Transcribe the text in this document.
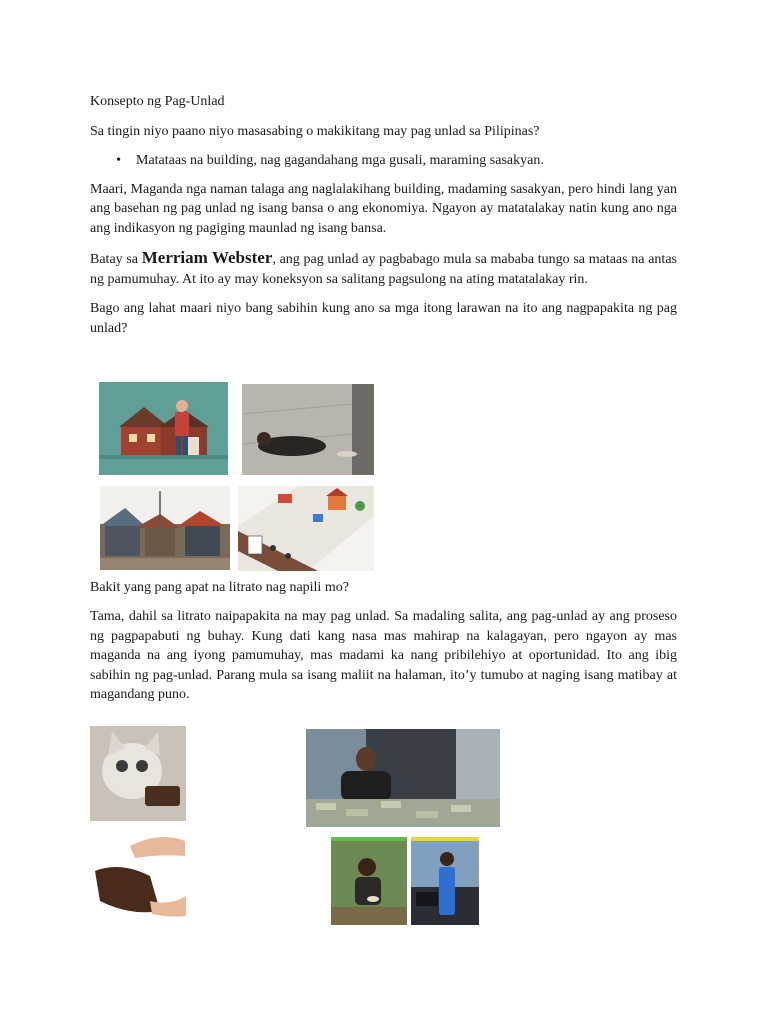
Konsepto ng Pag-Unlad

Sa tingin niyo paano niyo masasabing o makikitang may pag unlad sa Pilipinas?

•	Matataas na building, nag gagandahang mga gusali, maraming sasakyan.

Maari, Maganda nga naman talaga ang naglalakihang building, madaming sasakyan, pero hindi lang yan ang basehan ng pag unlad ng isang bansa o ang ekonomiya. Ngayon ay matatalakay natin kung ano nga ang indikasyon ng pagiging maunlad ng isang bansa.

Batay sa Merriam Webster, ang pag unlad ay pagbabago mula sa mababa tungo sa mataas na antas ng pamumuhay. At ito ay may koneksyon sa salitang pagsulong na ating matatalakay rin.

Bago ang lahat maari niyo bang sabihin kung ano sa mga itong larawan na ito ang nagpapakita ng pag unlad?

Bakit yang pang apat na litrato nag napili mo?

Tama, dahil sa litrato naipapakita na may pag unlad. Sa madaling salita, ang pag-unlad ay ang proseso ng pagpapabuti ng buhay. Kung dati kang nasa mas mahirap na kalagayan, pero ngayon ay mas maganda na ang iyong pamumuhay, mas madami ka nang pribilehiyo at oportunidad. Ito ang ibig sabihin ng pag-unlad. Parang mula sa isang maliit na halaman, ito’y tumubo at naging isang matibay at magandang puno.
